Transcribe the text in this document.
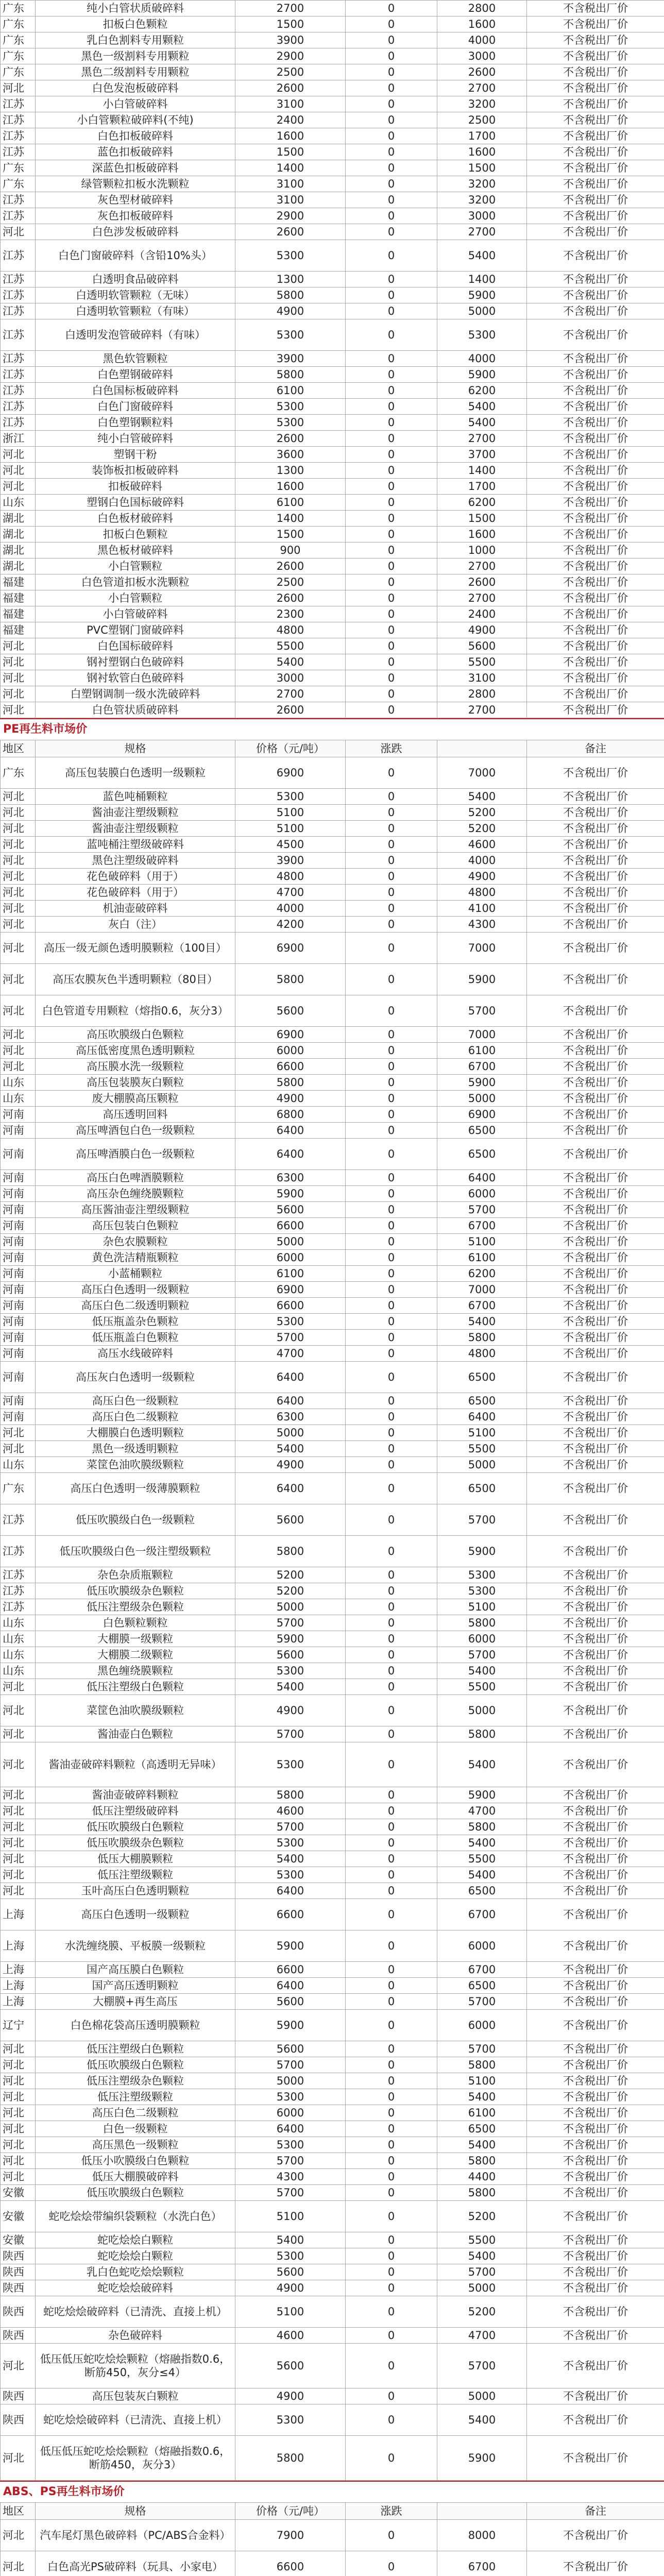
广东	纯小白管状质破碎料	2700	0	2800	不含税出厂价
广东	扣板白色颗粒	1500	0	1600	不含税出厂价
广东	乳白色割料专用颗粒	3900	0	4000	不含税出厂价
广东	黑色一级割料专用颗粒	2900	0	3000	不含税出厂价
广东	黑色二级割料专用颗粒	2500	0	2600	不含税出厂价
河北	白色发泡板破碎料	2600	0	2700	不含税出厂价
江苏	小白管破碎料	3100	0	3200	不含税出厂价
江苏	小白管颗粒破碎料(不纯)	2400	0	2500	不含税出厂价
江苏	白色扣板破碎料	1600	0	1700	不含税出厂价
江苏	蓝色扣板破碎料	1500	0	1600	不含税出厂价
广东	深蓝色扣板破碎料	1400	0	1500	不含税出厂价
广东	绿管颗粒扣板水洗颗粒	3100	0	3200	不含税出厂价
江苏	灰色型材破碎料	3100	0	3200	不含税出厂价
江苏	灰色扣板破碎料	2900	0	3000	不含税出厂价
河北	白色涉发板破碎料	2600	0	2700	不含税出厂价
江苏	白色门窗破碎料（含铅10%头）	5300	0	5400	不含税出厂价
江苏	白透明食品破碎料	1300	0	1400	不含税出厂价
江苏	白透明软管颗粒（无味）	5800	0	5900	不含税出厂价
江苏	白透明软管颗粒（有味）	4900	0	5000	不含税出厂价
江苏	白透明发泡管破碎料（有味）	5300	0	5300	不含税出厂价
江苏	黑色软管颗粒	3900	0	4000	不含税出厂价
江苏	白色塑钢破碎料	5800	0	5900	不含税出厂价
江苏	白色国标板破碎料	6100	0	6200	不含税出厂价
江苏	白色门窗破碎料	5300	0	5400	不含税出厂价
江苏	白色塑钢颗粒料	5300	0	5400	不含税出厂价
浙江	纯小白管破碎料	2600	0	2700	不含税出厂价
河北	塑钢干粉	3600	0	3700	不含税出厂价
河北	装饰板扣板破碎料	1300	0	1400	不含税出厂价
河北	扣板破碎料	1600	0	1700	不含税出厂价
山东	塑钢白色国标破碎料	6100	0	6200	不含税出厂价
湖北	白色板材破碎料	1400	0	1500	不含税出厂价
湖北	扣板白色颗粒	1500	0	1600	不含税出厂价
湖北	黑色板材破碎料	900	0	1000	不含税出厂价
湖北	小白管颗粒	2600	0	2700	不含税出厂价
福建	白色管道扣板水洗颗粒	2500	0	2600	不含税出厂价
福建	小白管颗粒	2600	0	2700	不含税出厂价
福建	小白管破碎料	2300	0	2400	不含税出厂价
福建	PVC塑钢门窗破碎料	4800	0	4900	不含税出厂价
河北	白色国标破碎料	5500	0	5600	不含税出厂价
河北	钢衬塑钢白色破碎料	5400	0	5500	不含税出厂价
河北	钢衬软管白色破碎料	3000	0	3100	不含税出厂价
河北	白塑钢调制一级水洗破碎料	2700	0	2800	不含税出厂价
河北	白色管状质破碎料	2600	0	2700	不含税出厂价
PE再生料市场价
地区	规格	价格（元/吨）	涨跌		备注
广东	高压包装膜白色透明一级颗粒	6900	0	7000	不含税出厂价
河北	蓝色吨桶颗粒	5300	0	5400	不含税出厂价
河北	酱油壶注塑级颗粒	5100	0	5200	不含税出厂价
河北	酱油壶注塑级颗粒	5100	0	5200	不含税出厂价
河北	蓝吨桶注塑级破碎料	4500	0	4600	不含税出厂价
河北	黑色注塑级破碎料	3900	0	4000	不含税出厂价
河北	花色破碎料（用于）	4800	0	4900	不含税出厂价
河北	花色破碎料（用于）	4700	0	4800	不含税出厂价
河北	机油壶破碎料	4000	0	4100	不含税出厂价
河北	灰白（注）	4200	0	4300	不含税出厂价
河北	高压一级无颜色透明膜颗粒（100目）	6900	0	7000	不含税出厂价
河北	高压农膜灰色半透明颗粒（80目）	5800	0	5900	不含税出厂价
河北	白色管道专用颗粒（熔指0.6，灰分3）	5600	0	5700	不含税出厂价
河北	高压吹膜级白色颗粒	6900	0	7000	不含税出厂价
河北	高压低密度黑色透明颗粒	6000	0	6100	不含税出厂价
河北	高压膜水洗一级颗粒	6600	0	6700	不含税出厂价
山东	高压包装膜灰白颗粒	5800	0	5900	不含税出厂价
山东	废大棚膜高压颗粒	4900	0	5000	不含税出厂价
河南	高压透明回料	6800	0	6900	不含税出厂价
河南	高压啤酒包白色一级颗粒	6400	0	6500	不含税出厂价
河南	高压啤酒膜白色一级颗粒	6400	0	6500	不含税出厂价
河南	高压白色啤酒膜颗粒	6300	0	6400	不含税出厂价
河南	高压杂色缠绕膜颗粒	5900	0	6000	不含税出厂价
河南	高压酱油壶注塑级颗粒	5600	0	5700	不含税出厂价
河南	高压包装白色颗粒	6600	0	6700	不含税出厂价
河南	杂色农膜颗粒	5000	0	5100	不含税出厂价
河南	黄色洗洁精瓶颗粒	6000	0	6100	不含税出厂价
河南	小蓝桶颗粒	6100	0	6200	不含税出厂价
河南	高压白色透明一级颗粒	6900	0	7000	不含税出厂价
河南	高压白色二级透明颗粒	6600	0	6700	不含税出厂价
河南	低压瓶盖杂色颗粒	5300	0	5400	不含税出厂价
河南	低压瓶盖白色颗粒	5700	0	5800	不含税出厂价
河南	高压水线破碎料	4700	0	4800	不含税出厂价
河南	高压灰白色透明一级颗粒	6400	0	6500	不含税出厂价
河南	高压白色一级颗粒	6400	0	6500	不含税出厂价
河南	高压白色二级颗粒	6300	0	6400	不含税出厂价
河北	大棚膜白色透明颗粒	5000	0	5100	不含税出厂价
河北	黑色一级透明颗粒	5400	0	5500	不含税出厂价
山东	菜筐色油吹膜级颗粒	4900	0	5000	不含税出厂价
广东	高压白色透明一级薄膜颗粒	6400	0	6500	不含税出厂价
江苏	低压吹膜级白色一级颗粒	5600	0	5700	不含税出厂价
江苏	低压吹膜级白色一级注塑级颗粒	5800	0	5900	不含税出厂价
江苏	杂色杂质瓶颗粒	5200	0	5300	不含税出厂价
江苏	低压吹膜级杂色颗粒	5200	0	5300	不含税出厂价
江苏	低压注塑级杂色颗粒	5000	0	5100	不含税出厂价
山东	白色颗粒颗粒	5700	0	5800	不含税出厂价
山东	大棚膜一级颗粒	5900	0	6000	不含税出厂价
山东	大棚膜二级颗粒	5600	0	5700	不含税出厂价
山东	黑色缠绕膜颗粒	5300	0	5400	不含税出厂价
河北	低压注塑级白色颗粒	5400	0	5500	不含税出厂价
河北	菜筐色油吹膜级颗粒	4900	0	5000	不含税出厂价
河北	酱油壶白色颗粒	5700	0	5800	不含税出厂价
河北	酱油壶破碎料颗粒（高透明无异味）	5300	0	5400	不含税出厂价
河北	酱油壶破碎料颗粒	5800	0	5900	不含税出厂价
河北	低压注塑级破碎料	4600	0	4700	不含税出厂价
河北	低压吹膜级白色颗粒	5700	0	5800	不含税出厂价
河北	低压吹膜级杂色颗粒	5300	0	5400	不含税出厂价
河北	低压大棚膜颗粒	5400	0	5500	不含税出厂价
河北	低压注塑级颗粒	5300	0	5400	不含税出厂价
河北	玉叶高压白色透明颗粒	6400	0	6500	不含税出厂价
上海	高压白色透明一级颗粒	6600	0	6700	不含税出厂价
上海	水洗缠绕膜、平板膜一级颗粒	5900	0	6000	不含税出厂价
上海	国产高压膜白色颗粒	6600	0	6700	不含税出厂价
上海	国产高压透明颗粒	6400	0	6500	不含税出厂价
上海	大棚膜+再生高压	5600	0	5700	不含税出厂价
辽宁	白色棉花袋高压透明膜颗粒	5900	0	6000	不含税出厂价
河北	低压注塑级白色颗粒	5600	0	5700	不含税出厂价
河北	低压吹膜级白色颗粒	5700	0	5800	不含税出厂价
河北	低压注塑级杂色颗粒	5000	0	5100	不含税出厂价
河北	低压注塑级颗粒	5300	0	5400	不含税出厂价
河北	高压白色二级颗粒	6000	0	6100	不含税出厂价
河北	白色一级颗粒	6400	0	6500	不含税出厂价
河北	高压黑色一级颗粒	5300	0	5400	不含税出厂价
河北	低压小吹膜级白色颗粒	5700	0	5800	不含税出厂价
河北	低压大棚膜破碎料	4300	0	4400	不含税出厂价
安徽	低压吹膜级白色颗粒	5700	0	5800	不含税出厂价
安徽	蛇吃烩烩带编织袋颗粒（水洗白色）	5100	0	5200	不含税出厂价
安徽	蛇吃烩烩白颗粒	5400	0	5500	不含税出厂价
陕西	蛇吃烩烩白颗粒	5300	0	5400	不含税出厂价
陕西	乳白色蛇吃烩烩颗粒	5600	0	5700	不含税出厂价
陕西	蛇吃烩烩破碎料	4900	0	5000	不含税出厂价
陕西	蛇吃烩烩破碎料（已清洗、直接上机）	5100	0	5200	不含税出厂价
陕西	杂色破碎料	4600	0	4700	不含税出厂价
河北	低压低压蛇吃烩烩颗粒（熔融指数0.6，断筋450，灰分≤4）	5600	0	5700	不含税出厂价
陕西	高压包装灰白颗粒	4900	0	5000	不含税出厂价
陕西	蛇吃烩烩破碎料（已清洗、直接上机）	5300	0	5400	不含税出厂价
河北	低压低压蛇吃烩烩颗粒（熔融指数0.6，断筋450，灰分3）	5800	0	5900	不含税出厂价
ABS、PS再生料市场价
地区	规格	价格（元/吨）	涨跌		备注
河北	汽车尾灯黑色破碎料（PC/ABS合金料）	7900	0	8000	不含税出厂价
河北	白色高光PS破碎料（玩具、小家电）	6600	0	6700	不含税出厂价
